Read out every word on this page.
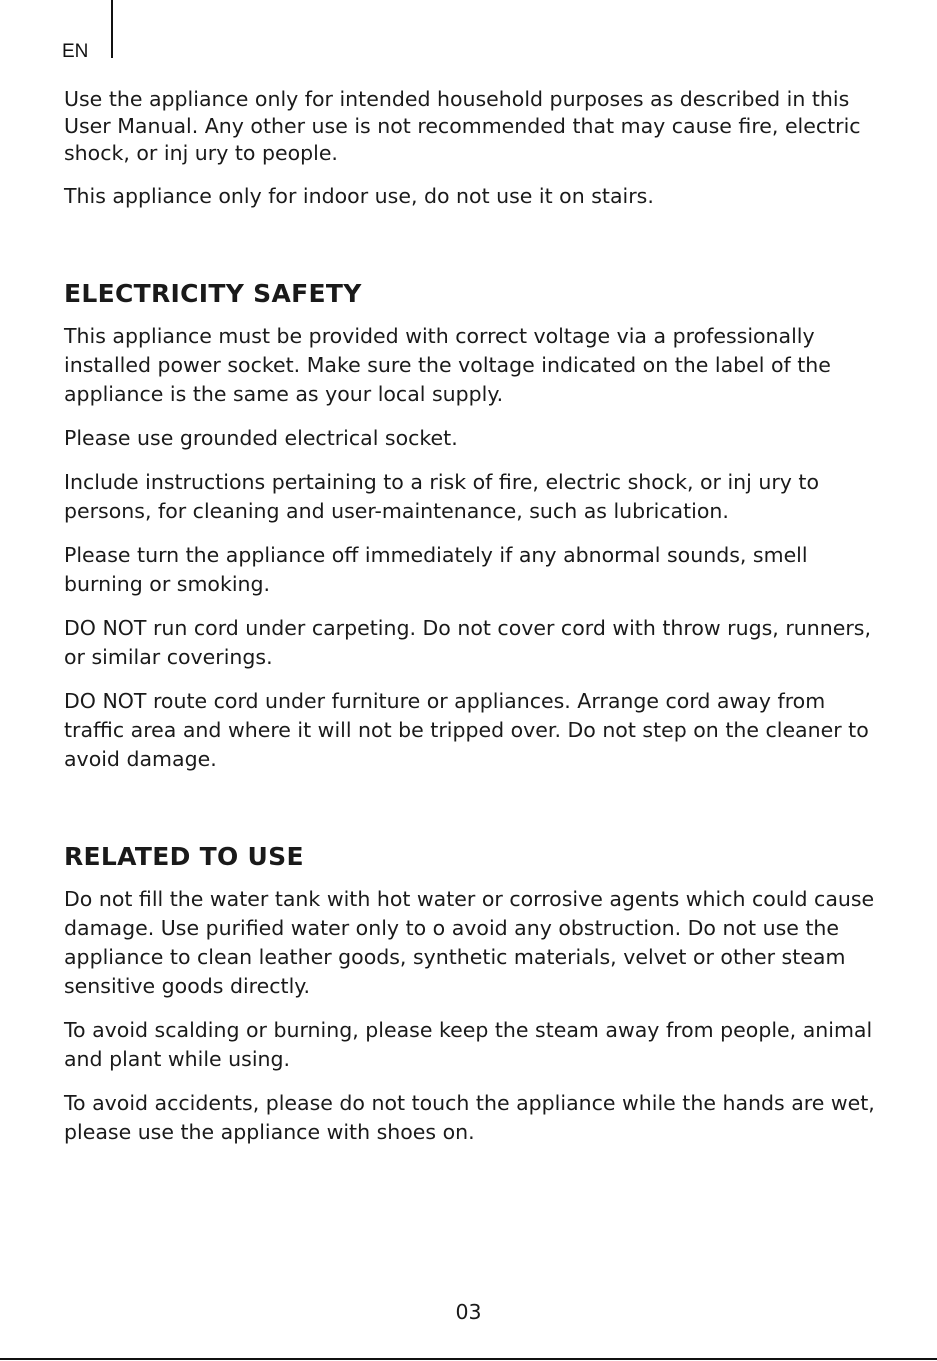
EN

Use the appliance only for intended household purposes as described in this User Manual. Any other use is not recommended that may cause fire, electric shock, or inj ury to people.

This appliance only for indoor use, do not use it on stairs.

ELECTRICITY SAFETY

This appliance must be provided with correct voltage via a professionally installed power socket. Make sure the voltage indicated on the label of the appliance is the same as your local supply.

Please use grounded electrical socket.

Include instructions pertaining to a risk of fire, electric shock, or inj ury to persons, for cleaning and user-maintenance, such as lubrication.

Please turn the appliance off immediately if any abnormal sounds, smell burning or smoking.

DO NOT run cord under carpeting. Do not cover cord with throw rugs, runners, or similar coverings.

DO NOT route cord under furniture or appliances. Arrange cord away from traffic area and where it will not be tripped over. Do not step on the cleaner to avoid damage.

RELATED TO USE

Do not fill the water tank with hot water or corrosive agents which could cause damage. Use purified water only to o avoid any obstruction. Do not use the appliance to clean leather goods, synthetic materials, velvet or other steam sensitive goods directly.

To avoid scalding or burning, please keep the steam away from people, animal and plant while using.

To avoid accidents, please do not touch the appliance while the hands are wet, please use the appliance with shoes on.

03
